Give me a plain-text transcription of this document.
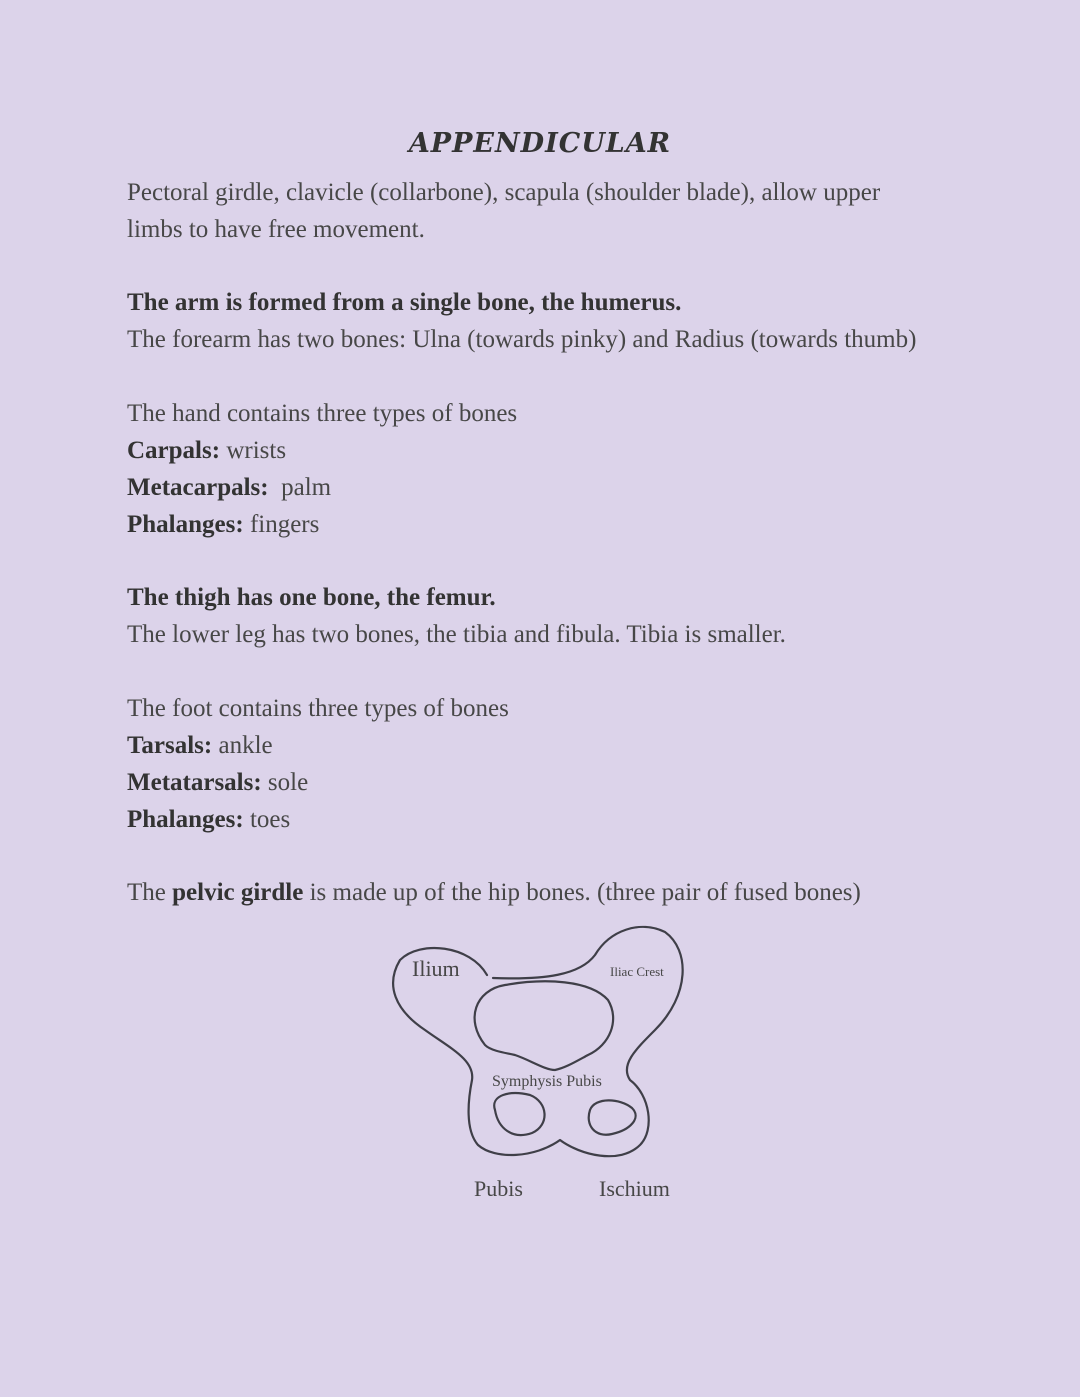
APPENDICULAR
Pectoral girdle, clavicle (collarbone), scapula (shoulder blade), allow upper
limbs to have free movement.
The arm is formed from a single bone, the humerus.
The forearm has two bones: Ulna (towards pinky) and Radius (towards thumb)
The hand contains three types of bones
Carpals: wrists
Metacarpals:  palm
Phalanges: fingers
The thigh has one bone, the femur.
The lower leg has two bones, the tibia and fibula. Tibia is smaller.
The foot contains three types of bones
Tarsals: ankle
Metatarsals: sole
Phalanges: toes
The pelvic girdle is made up of the hip bones. (three pair of fused bones)
Ilium	Iliac Crest
Symphysis Pubis
Pubis	Ischium
